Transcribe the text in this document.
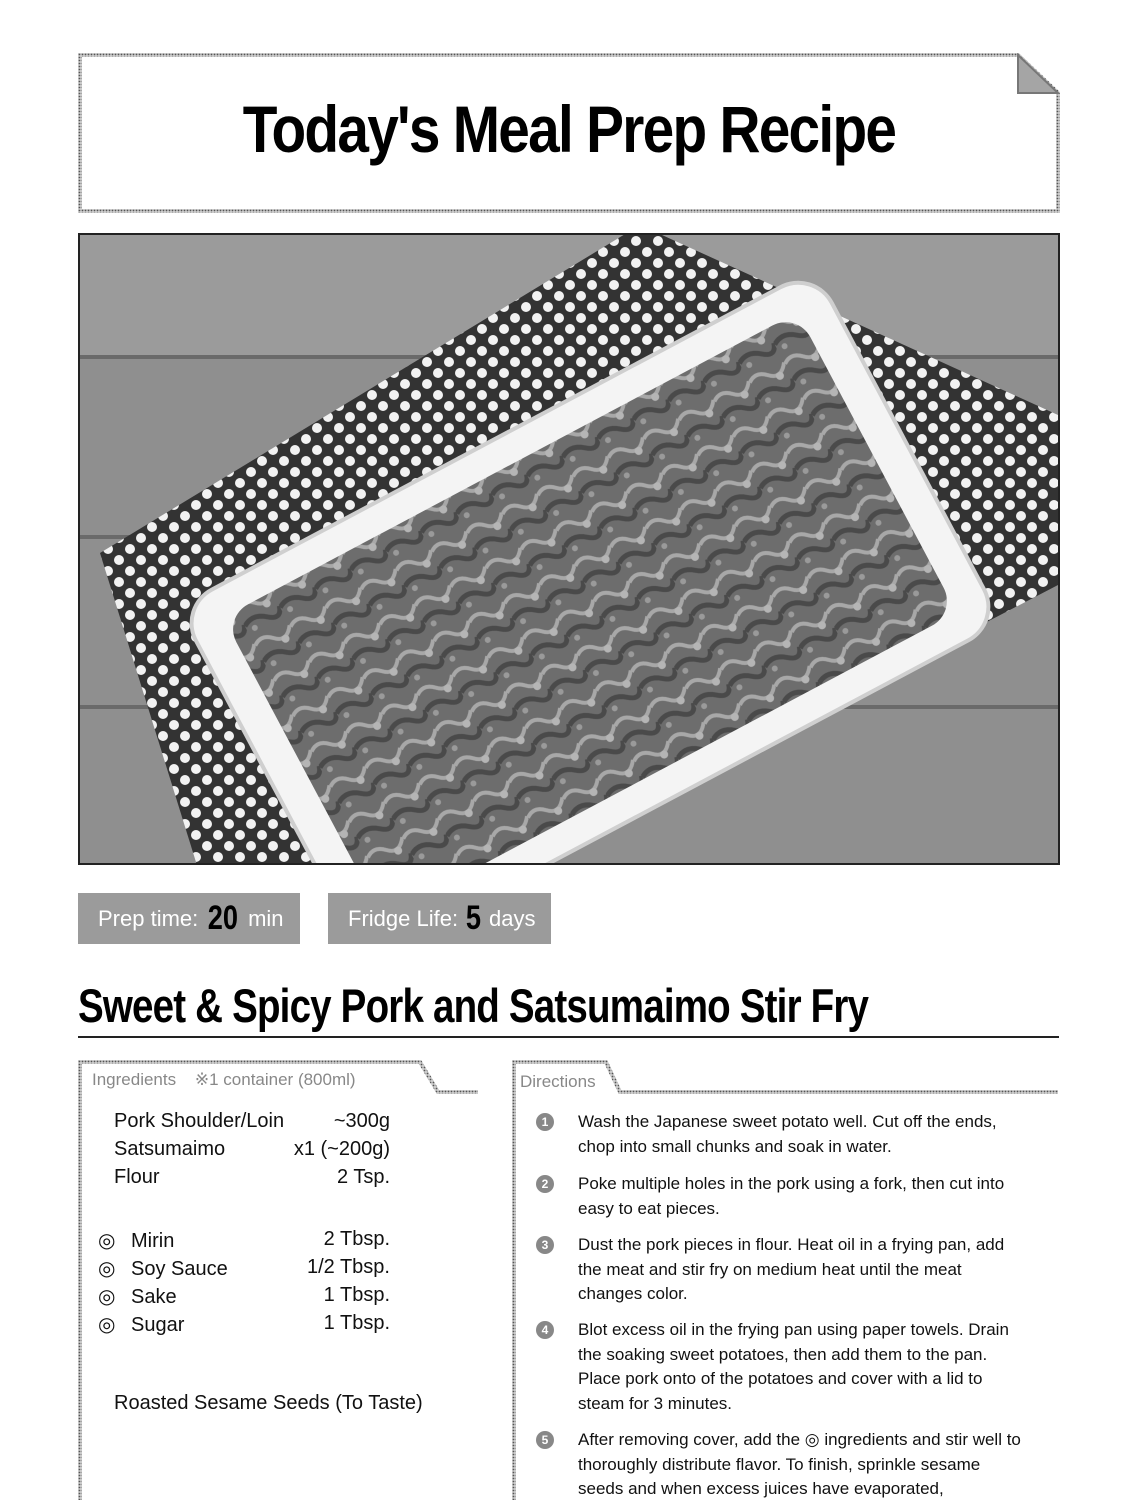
Today's Meal Prep Recipe
Prep time: 20 min	Fridge Life: 5 days
Sweet & Spicy Pork and Satsumaimo Stir Fry
Ingredients ※1 container (800ml)
Pork Shoulder/Loin	~300g
Satsumaimo	x1 (~200g)
Flour	2 Tsp.
◎ Mirin	2 Tbsp.
◎ Soy Sauce	1/2 Tbsp.
◎ Sake	1 Tbsp.
◎ Sugar	1 Tbsp.
Roasted Sesame Seeds (To Taste)
Directions
1	Wash the Japanese sweet potato well. Cut off the ends, chop into small chunks and soak in water.
2	Poke multiple holes in the pork using a fork, then cut into easy to eat pieces.
3	Dust the pork pieces in flour. Heat oil in a frying pan, add the meat and stir fry on medium heat until the meat changes color.
4	Blot excess oil in the frying pan using paper towels. Drain the soaking sweet potatoes, then add them to the pan. Place pork onto of the potatoes and cover with a lid to steam for 3 minutes.
5	After removing cover, add the ◎ ingredients and stir well to thoroughly distribute flavor. To finish, sprinkle sesame seeds and when excess juices have evaporated,
